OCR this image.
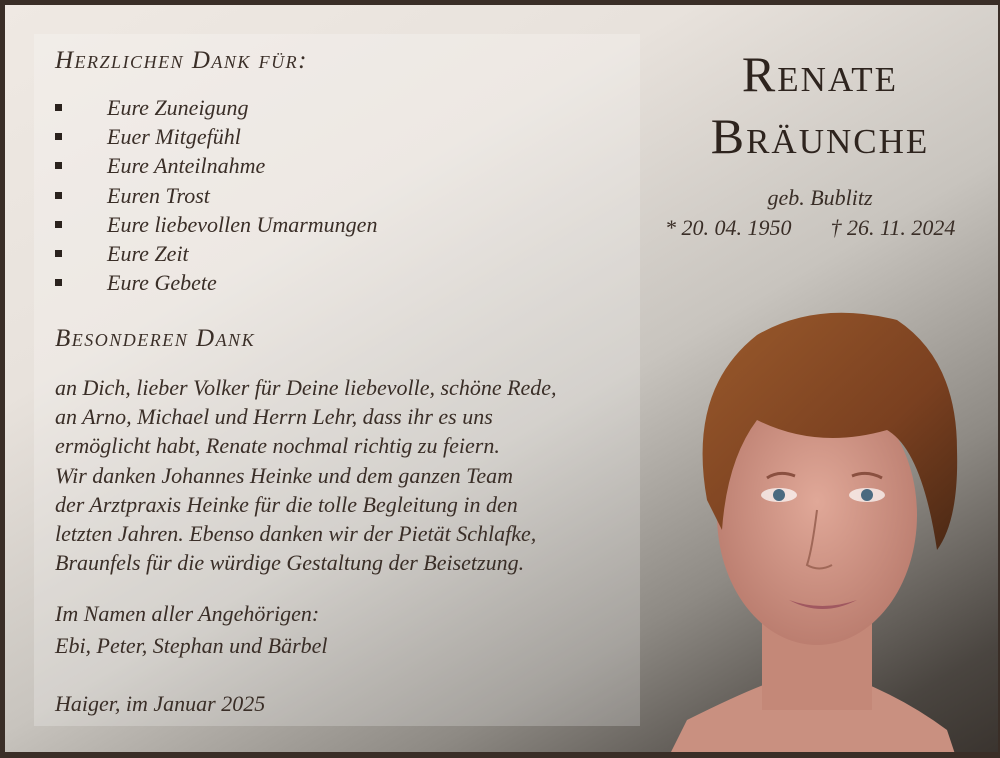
Herzlichen Dank für:
Eure Zuneigung
Euer Mitgefühl
Eure Anteilnahme
Euren Trost
Eure liebevollen Umarmungen
Eure Zeit
Eure Gebete
Besonderen Dank
an Dich, lieber Volker für Deine liebevolle, schöne Rede,
an Arno, Michael und Herrn Lehr, dass ihr es uns
ermöglicht habt, Renate nochmal richtig zu feiern.
Wir danken Johannes Heinke und dem ganzen Team
der Arztpraxis Heinke für die tolle Begleitung in den
letzten Jahren. Ebenso danken wir der Pietät Schlafke,
Braunfels für die würdige Gestaltung der Beisetzung.
Im Namen aller Angehörigen:
Ebi, Peter, Stephan und Bärbel
Haiger, im Januar 2025
Renate
Bräunche
geb. Bublitz
* 20. 04. 1950 † 26. 11. 2024
